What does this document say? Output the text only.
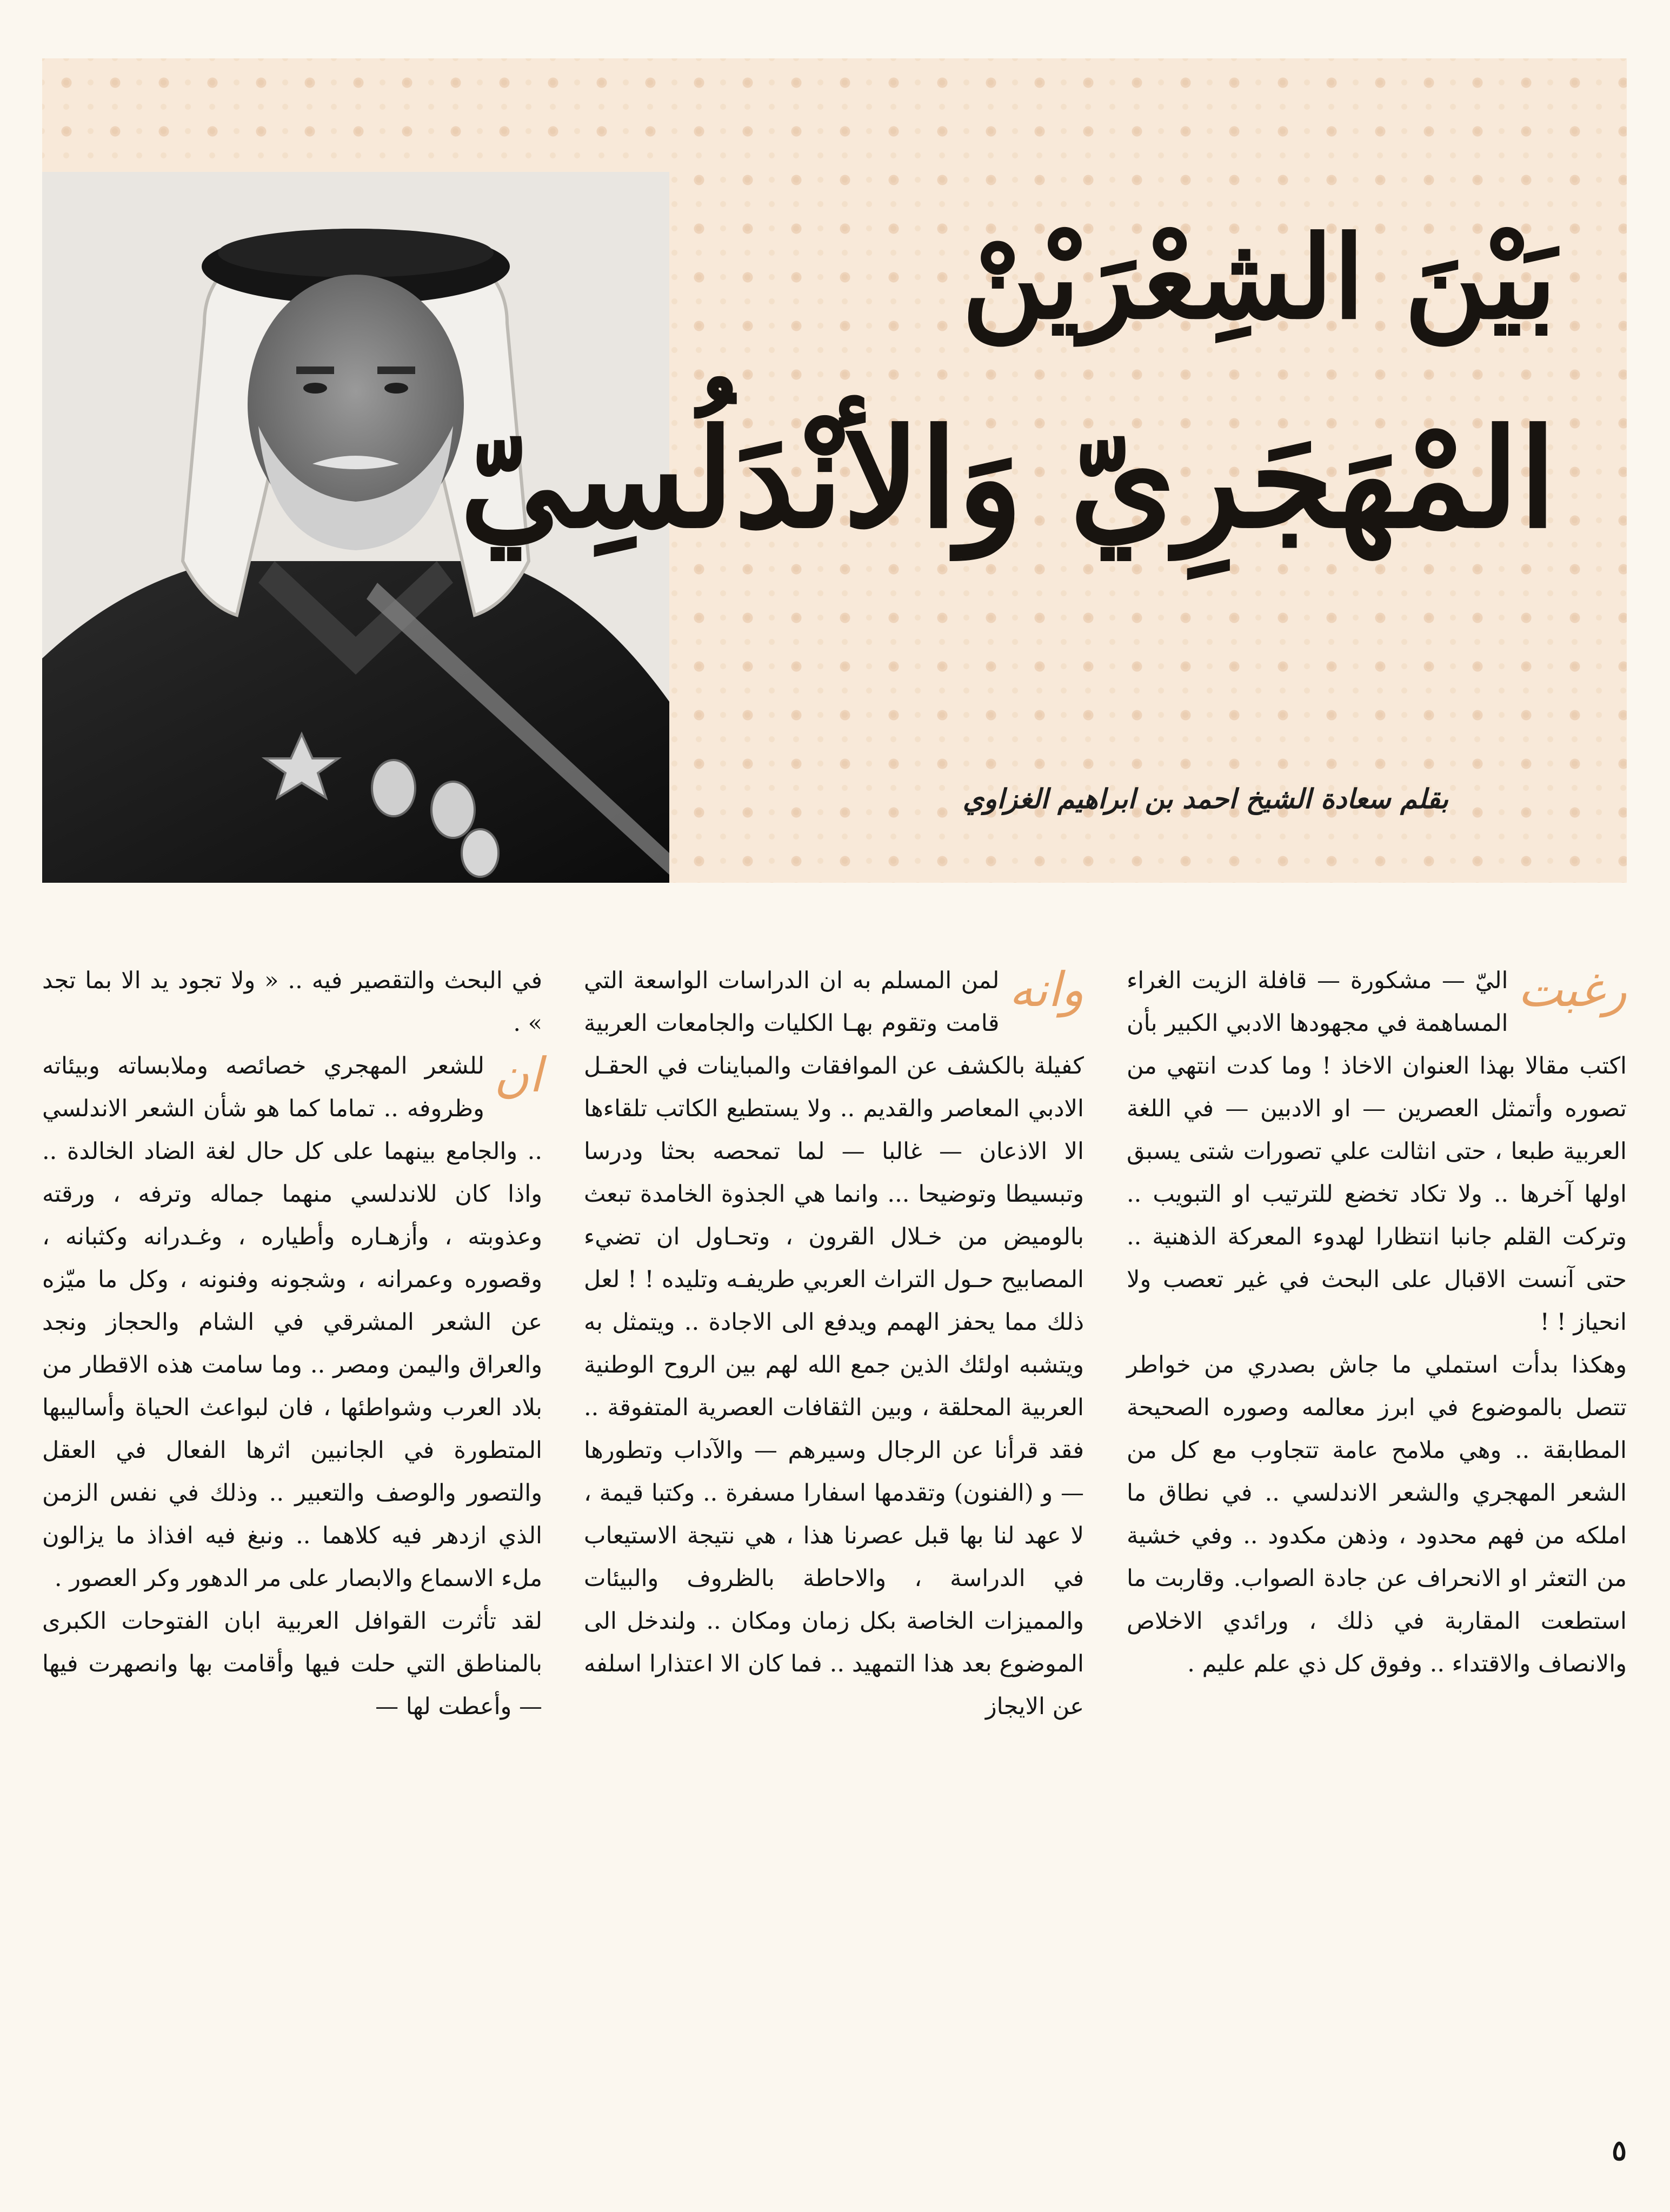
بَيْنَ الشِعْرَيْنْ
المْهَجَرِيّ وَالأنْدَلُسِيّ
بقلم سعادة الشيخ احمد بن ابراهيم الغزاوي
رغبت

اليّ — مشكورة — قافلة الزيت الغراء المساهمة في مجهودها الادبي الكبير بأن اكتب مقالا بهذا العنوان الاخاذ ! وما كدت انتهي من تصوره وأتمثل العصرين — او الادبين — في اللغة العربية طبعا ، حتى انثالت علي تصورات شتى يسبق اولها آخرها .. ولا تكاد تخضع للترتيب او التبويب .. وتركت القلم جانبا انتظارا لهدوء المعركة الذهنية .. حتى آنست الاقبال على البحث في غير تعصب ولا انحياز ! !

وهكذا بدأت استملي ما جاش بصدري من خواطر تتصل بالموضوع في ابرز معالمه وصوره الصحيحة المطابقة .. وهي ملامح عامة تتجاوب مع كل من الشعر المهجري والشعر الاندلسي .. في نطاق ما املكه من فهم محدود ، وذهن مكدود .. وفي خشية من التعثر او الانحراف عن جادة الصواب. وقاربت ما استطعت المقاربة في ذلك ، ورائدي الاخلاص والانصاف والاقتداء .. وفوق كل ذي علم عليم .

وانه

لمن المسلم به ان الدراسات الواسعة التي قامت وتقوم بهـا الكليات والجامعات العربية كفيلة بالكشف عن الموافقات والمباينات في الحقـل الادبي المعاصر والقديم .. ولا يستطيع الكاتب تلقاءها الا الاذعان — غالبا — لما تمحصه بحثا ودرسا وتبسيطا وتوضيحا ... وانما هي الجذوة الخامدة تبعث بالوميض من خـلال القرون ، وتحـاول ان تضيء المصابيح حـول التراث العربي طريفـه وتليده ! ! لعل ذلك مما يحفز الهمم ويدفع الى الاجادة .. ويتمثل به ويتشبه اولئك الذين جمع الله لهم بين الروح الوطنية العربية المحلقة ، وبين الثقافات العصرية المتفوقة .. فقد قرأنا عن الرجال وسيرهم — والآداب وتطورها — و (الفنون) وتقدمها اسفارا مسفرة .. وكتبا قيمة ، لا عهد لنا بها قبل عصرنا هذا ، هي نتيجة الاستيعاب في الدراسة ، والاحاطة بالظروف والبيئات والمميزات الخاصة بكل زمان ومكان .. ولندخل الى الموضوع بعد هذا التمهيد .. فما كان الا اعتذارا اسلفه عن الايجاز

في البحث والتقصير فيه .. « ولا تجود يد الا بما تجد » .

ان

للشعر المهجري خصائصه وملابساته وبيئاته وظروفه .. تماما كما هو شأن الشعر الاندلسي .. والجامع بينهما على كل حال لغة الضاد الخالدة .. واذا كان للاندلسي منهما جماله وترفه ، ورقته وعذوبته ، وأزهـاره وأطياره ، وغـدرانه وكثبانه ، وقصوره وعمرانه ، وشجونه وفنونه ، وكل ما ميّزه عن الشعر المشرقي في الشام والحجاز ونجد والعراق واليمن ومصر .. وما سامت هذه الاقطار من بلاد العرب وشواطئها ، فان لبواعث الحياة وأساليبها المتطورة في الجانبين اثرها الفعال في العقل والتصور والوصف والتعبير .. وذلك في نفس الزمن الذي ازدهر فيه كلاهما .. ونبغ فيه افذاذ ما يزالون ملء الاسماع والابصار على مر الدهور وكر العصور .

لقد تأثرت القوافل العربية ابان الفتوحات الكبرى بالمناطق التي حلت فيها وأقامت بها وانصهرت فيها — وأعطت لها —

٥
